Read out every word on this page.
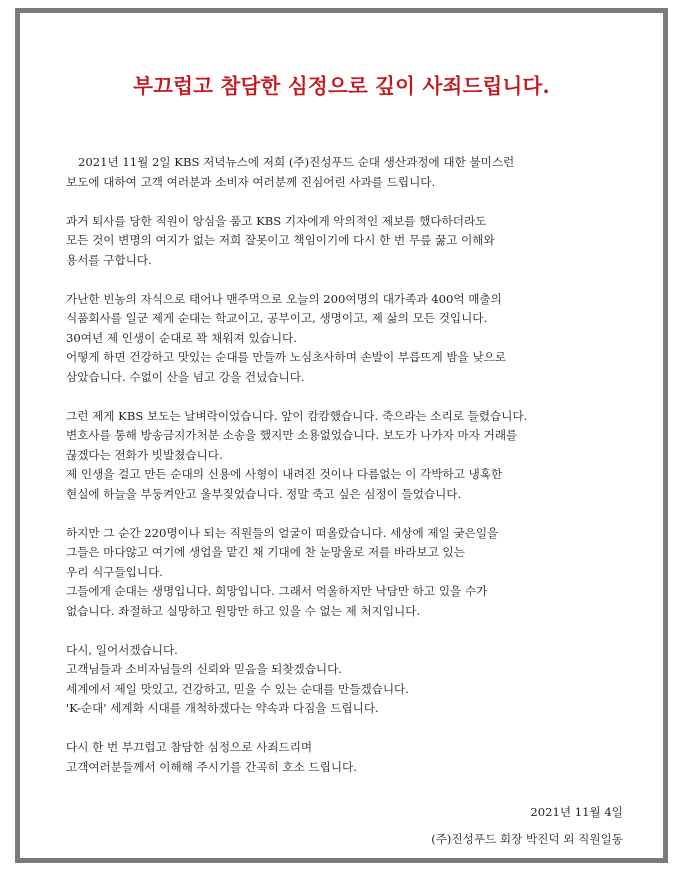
부끄럽고 참담한 심정으로 깊이 사죄드립니다.

2021년 11월 2일 KBS 저녁뉴스에 저희 (주)진성푸드 순대 생산과정에 대한 불미스런
보도에 대하여 고객 여러분과 소비자 여러분께 진심어린 사과를 드립니다.

과거 퇴사를 당한 직원이 앙심을 품고 KBS 기자에게 악의적인 제보를 했다하더라도
모든 것이 변명의 여지가 없는 저희 잘못이고 책임이기에 다시 한 번 무릎 꿇고 이해와
용서를 구합니다.

가난한 빈농의 자식으로 태어나 맨주먹으로 오늘의 200여명의 대가족과 400억 매출의
식품회사를 일군 제게 순대는 학교이고, 공부이고, 생명이고, 제 삶의 모든 것입니다.
30여년 제 인생이 순대로 꽉 채워져 있습니다.
어떻게 하면 건강하고 맛있는 순대를 만들까 노심초사하며 손발이 부릅뜨게 밤을 낮으로
삼았습니다. 수없이 산을 넘고 강을 건넜습니다.

그런 제게 KBS 보도는 날벼락이었습니다. 앞이 캄캄했습니다. 죽으라는 소리로 들렸습니다.
변호사를 통해 방송금지가처분 소송을 했지만 소용없었습니다. 보도가 나가자 마자 거래를
끊겠다는 전화가 빗발쳤습니다.
제 인생을 걸고 만든 순대의 신용에 사형이 내려진 것이나 다름없는 이 각박하고 냉혹한
현실에 하늘을 부둥켜안고 울부짖었습니다. 정말 죽고 싶은 심정이 들었습니다.

하지만 그 순간 220명이나 되는 직원들의 얼굴이 떠올랐습니다. 세상에 제일 궂은일을
그들은 마다않고 여기에 생업을 맡긴 채 기대에 찬 눈망울로 저를 바라보고 있는
우리 식구들입니다.
그들에게 순대는 생명입니다. 희망입니다. 그래서 억울하지만 낙담만 하고 있을 수가
없습니다. 좌절하고 실망하고 원망만 하고 있을 수 없는 제 처지입니다.

다시, 일어서겠습니다.
고객님들과 소비자님들의 신뢰와 믿음을 되찾겠습니다.
세계에서 제일 맛있고, 건강하고, 믿을 수 있는 순대를 만들겠습니다.
'K-순대' 세계화 시대를 개척하겠다는 약속과 다짐을 드립니다.

다시 한 번 부끄럽고 참담한 심정으로 사죄드리며
고객여러분들께서 이해해 주시기를 간곡히 호소 드립니다.

2021년 11월 4일
(주)진성푸드 회장 박진덕 외 직원일동
